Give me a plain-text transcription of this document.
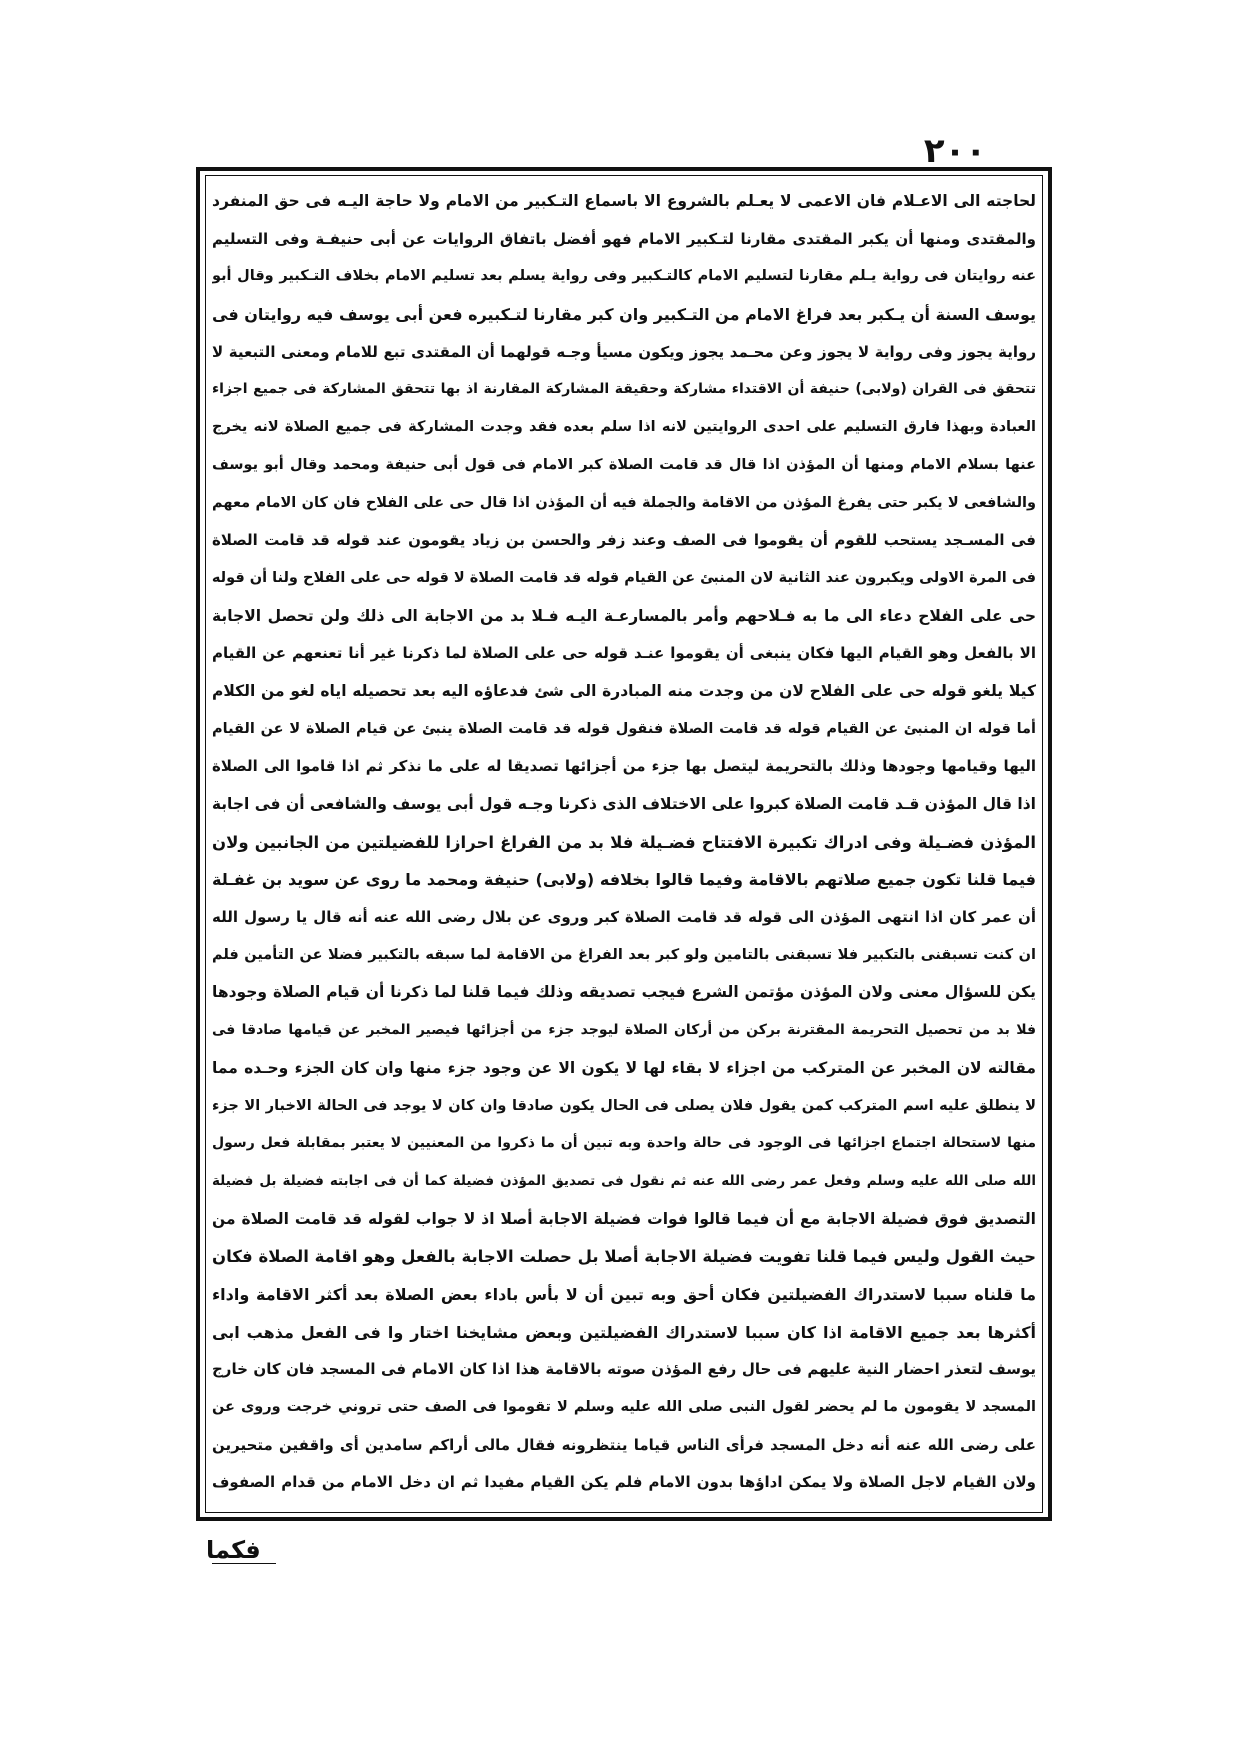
٢٠٠
لحاجته الى الاعـلام فان الاعمى لا يعـلم بالشروع الا باسماع التـكبير من الامام ولا حاجة اليـه فى حق المنفرد
والمقتدى ومنها أن يكبر المقتدى مقارنا لتـكبير الامام فهو أفضل باتفاق الروايات عن أبى حنيفـة وفى التسليم
عنه روايتان فى رواية يـلم مقارنا لتسليم الامام كالتـكبير وفى رواية يسلم بعد تسليم الامام بخلاف التـكبير وقال أبو
يوسف السنة أن يـكبر بعد فراغ الامام من التـكبير وان كبر مقارنا لتـكبيره فعن أبى يوسف فيه روايتان فى
رواية يجوز وفى رواية لا يجوز وعن محـمد يجوز ويكون مسيأ وجـه قولهما أن المقتدى تبع للامام ومعنى التبعية لا
تتحقق فى القران (ولابى) حنيفة أن الاقتداء مشاركة وحقيقة المشاركة المقارنة اذ بها تتحقق المشاركة فى جميع اجزاء
العبادة وبهذا فارق التسليم على احدى الروايتين لانه اذا سلم بعده فقد وجدت المشاركة فى جميع الصلاة لانه يخرج
عنها بسلام الامام ومنها أن المؤذن اذا قال قد قامت الصلاة كبر الامام فى قول أبى حنيفة ومحمد وقال أبو يوسف
والشافعى لا يكبر حتى يفرغ المؤذن من الاقامة والجملة فيه أن المؤذن اذا قال حى على الفلاح فان كان الامام معهم
فى المسـجد يستحب للقوم أن يقوموا فى الصف وعند زفر والحسن بن زياد يقومون عند قوله قد قامت الصلاة
فى المرة الاولى ويكبرون عند الثانية لان المنبئ عن القيام قوله قد قامت الصلاة لا قوله حى على الفلاح ولنا أن قوله
حى على الفلاح دعاء الى ما به فـلاحهم وأمر بالمسارعـة اليـه فـلا بد من الاجابة الى ذلك ولن تحصل الاجابة
الا بالفعل وهو القيام اليها فكان ينبغى أن يقوموا عنـد قوله حى على الصلاة لما ذكرنا غير أنا تعنعهم عن القيام
كيلا يلغو قوله حى على الفلاح لان من وجدت منه المبادرة الى شئ فدعاؤه اليه بعد تحصيله اياه لغو من الكلام
أما قوله ان المنبئ عن القيام قوله قد قامت الصلاة فنقول قوله قد قامت الصلاة ينبئ عن قيام الصلاة لا عن القيام
اليها وقيامها وجودها وذلك بالتحريمة ليتصل بها جزء من أجزائها تصديقا له على ما نذكر ثم اذا قاموا الى الصلاة
اذا قال المؤذن قـد قامت الصلاة كبروا على الاختلاف الذى ذكرنا وجـه قول أبى يوسف والشافعى أن فى اجابة
المؤذن فضـيلة وفى ادراك تكبيرة الافتتاح فضـيلة فلا بد من الفراغ احرازا للفضيلتين من الجانبين ولان
فيما قلنا تكون جميع صلاتهم بالاقامة وفيما قالوا بخلافه (ولابى) حنيفة ومحمد ما روى عن سويد بن غفـلة
أن عمر كان اذا انتهى المؤذن الى قوله قد قامت الصلاة كبر وروى عن بلال رضى الله عنه أنه قال يا رسول الله
ان كنت تسبقنى بالتكبير فلا تسبقنى بالتامين ولو كبر بعد الفراغ من الاقامة لما سبقه بالتكبير فضلا عن التأمين فلم
يكن للسؤال معنى ولان المؤذن مؤتمن الشرع فيجب تصديقه وذلك فيما قلنا لما ذكرنا أن قيام الصلاة وجودها
فلا بد من تحصيل التحريمة المقترنة بركن من أركان الصلاة ليوجد جزء من أجزائها فيصير المخبر عن قيامها صادقا فى
مقالته لان المخبر عن المتركب من اجزاء لا بقاء لها لا يكون الا عن وجود جزء منها وان كان الجزء وحـده مما
لا ينطلق عليه اسم المتركب كمن يقول فلان يصلى فى الحال يكون صادقا وان كان لا يوجد فى الحالة الاخبار الا جزء
منها لاستحالة اجتماع اجزائها فى الوجود فى حالة واحدة وبه تبين أن ما ذكروا من المعنيين لا يعتبر بمقابلة فعل رسول
الله صلى الله عليه وسلم وفعل عمر رضى الله عنه ثم نقول فى تصديق المؤذن فضيلة كما أن فى اجابته فضيلة بل فضيلة
التصديق فوق فضيلة الاجابة مع أن فيما قالوا فوات فضيلة الاجابة أصلا اذ لا جواب لقوله قد قامت الصلاة من
حيث القول وليس فيما قلنا تفويت فضيلة الاجابة أصلا بل حصلت الاجابة بالفعل وهو اقامة الصلاة فكان
ما قلناه سببا لاستدراك الفضيلتين فكان أحق وبه تبين أن لا بأس باداء بعض الصلاة بعد أكثر الاقامة واداء
أكثرها بعد جميع الاقامة اذا كان سببا لاستدراك الفضيلتين وبعض مشايخنا اختار وا فى الفعل مذهب ابى
يوسف لتعذر احضار النية عليهم فى حال رفع المؤذن صوته بالاقامة هذا اذا كان الامام فى المسجد فان كان خارج
المسجد لا يقومون ما لم يحضر لقول النبى صلى الله عليه وسلم لا تقوموا فى الصف حتى تروني خرجت وروى عن
على رضى الله عنه أنه دخل المسجد فرأى الناس قياما ينتظرونه فقال مالى أراكم سامدين أى واقفين متحيرين
ولان القيام لاجل الصلاة ولا يمكن اداؤها بدون الامام فلم يكن القيام مفيدا ثم ان دخل الامام من قدام الصفوف
فكما
